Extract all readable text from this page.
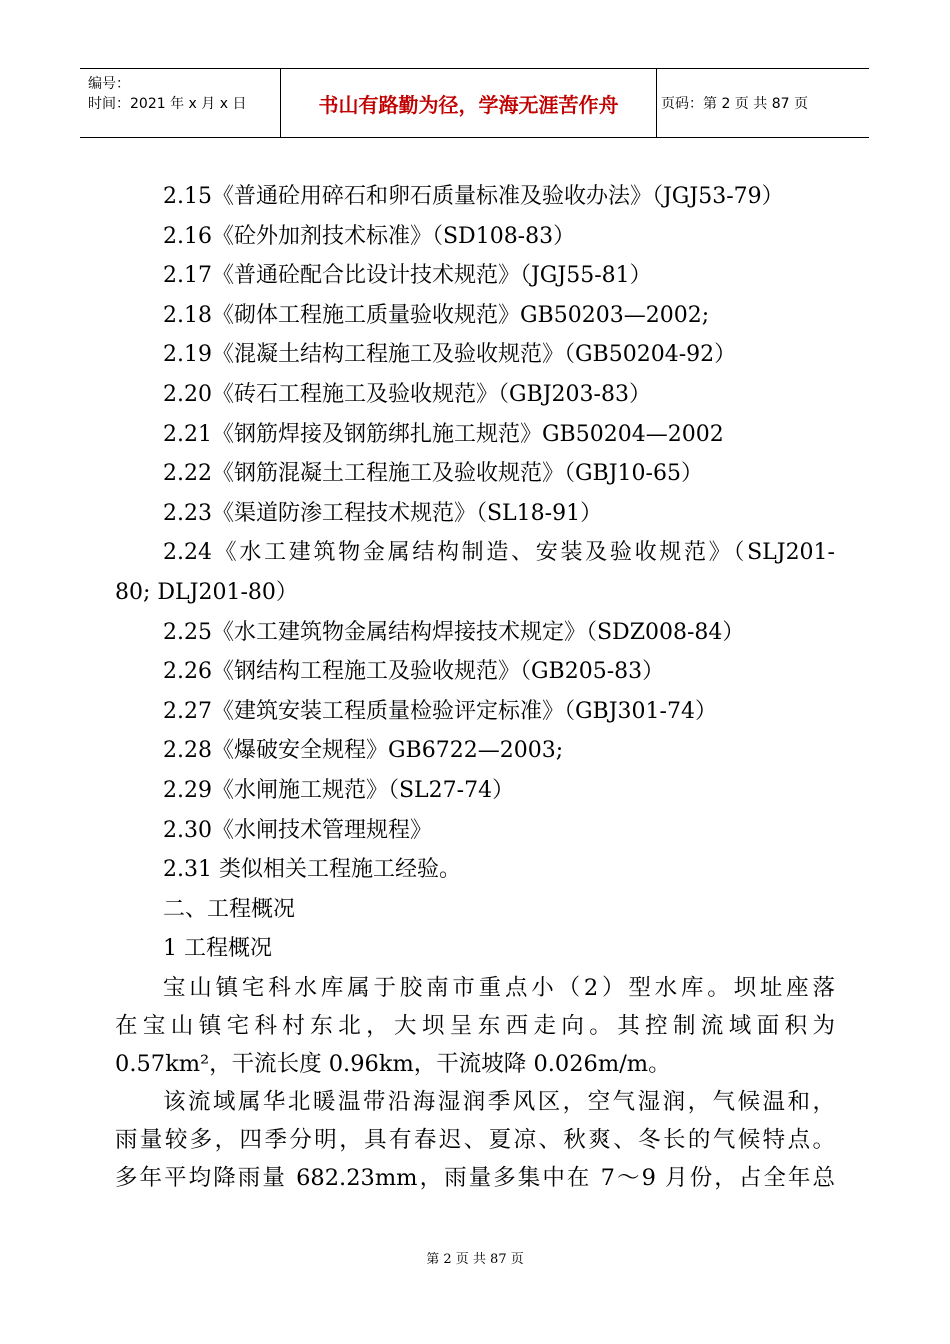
编号：
时间：2021 年 x 月 x 日	书山有路勤为径，学海无涯苦作舟	页码：第 2 页 共 87 页
2.15《普通砼用碎石和卵石质量标准及验收办法》（JGJ53-79）
2.16《砼外加剂技术标准》（SD108-83）
2.17《普通砼配合比设计技术规范》（JGJ55-81）
2.18《砌体工程施工质量验收规范》GB50203—2002;
2.19《混凝土结构工程施工及验收规范》（GB50204-92）
2.20《砖石工程施工及验收规范》（GBJ203-83）
2.21《钢筋焊接及钢筋绑扎施工规范》GB50204—2002
2.22《钢筋混凝土工程施工及验收规范》（GBJ10-65）
2.23《渠道防渗工程技术规范》（SL18-91）
2.24《水工建筑物金属结构制造、安装及验收规范》（SLJ201-
80; DLJ201-80）
2.25《水工建筑物金属结构焊接技术规定》（SDZ008-84）
2.26《钢结构工程施工及验收规范》（GB205-83）
2.27《建筑安装工程质量检验评定标准》（GBJ301-74）
2.28《爆破安全规程》GB6722—2003;
2.29《水闸施工规范》（SL27-74）
2.30《水闸技术管理规程》
2.31 类似相关工程施工经验。
二、工程概况
1 工程概况
宝山镇宅科水库属于胶南市重点小（2）型水库。坝址座落
在宝山镇宅科村东北，大坝呈东西走向。其控制流域面积为
0.57km²，干流长度 0.96km，干流坡降 0.026m/m。
该流域属华北暖温带沿海湿润季风区，空气湿润，气候温和，
雨量较多，四季分明，具有春迟、夏凉、秋爽、冬长的气候特点。
多年平均降雨量 682.23mm，雨量多集中在 7～9 月份，占全年总
第 2 页 共 87 页
